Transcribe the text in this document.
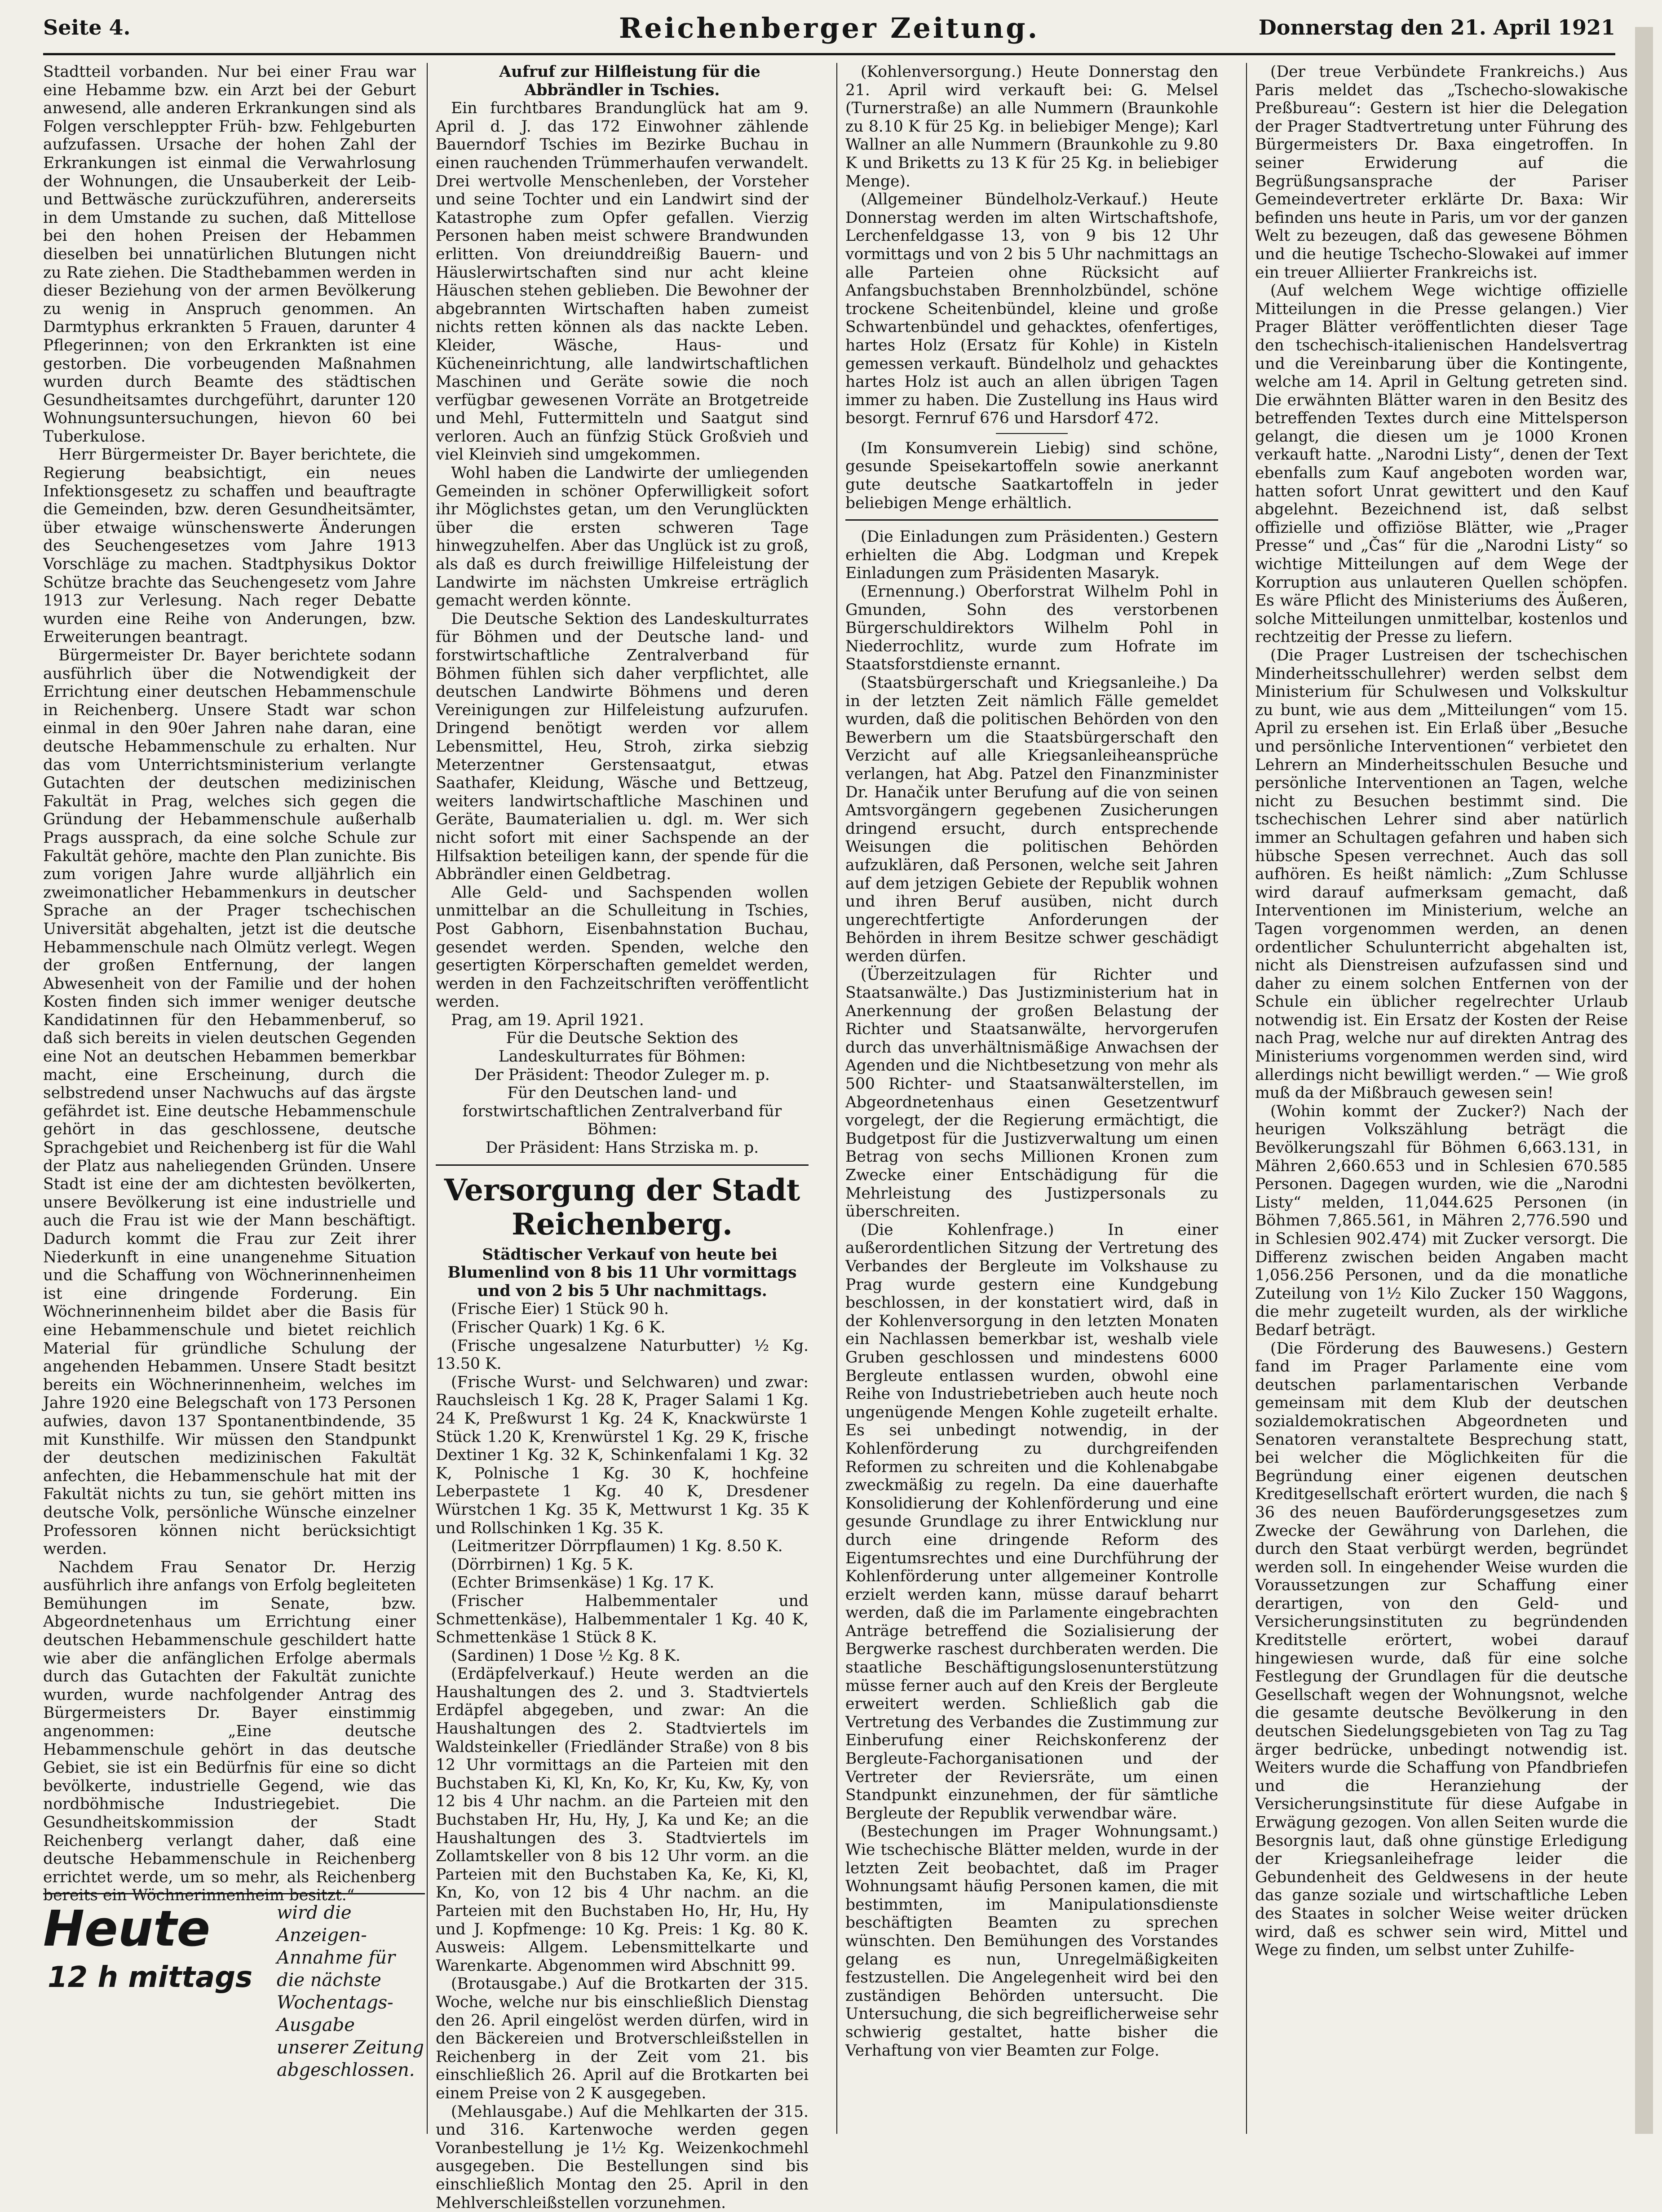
Seite 4.	Reichenberger Zeitung.	Donnerstag den 21. April 1921

Stadtteil vorbanden. Nur bei einer Frau war eine Hebamme bzw. ein Arzt bei der Geburt anwesend, alle anderen Erkrankungen sind als Folgen verschleppter Früh- bzw. Fehlgeburten aufzufassen. Ursache der hohen Zahl der Erkrankungen ist einmal die Verwahrlosung der Wohnungen, die Unsauberkeit der Leib- und Bettwäsche zurückzuführen, andererseits in dem Umstande zu suchen, daß Mittellose bei den hohen Preisen der Hebammen dieselben bei unnatürlichen Blutungen nicht zu Rate ziehen. Die Stadthebammen werden in dieser Beziehung von der armen Bevölkerung zu wenig in Anspruch genommen. An Darmtyphus erkrankten 5 Frauen, darunter 4 Pflegerinnen; von den Erkrankten ist eine gestorben. Die vorbeugenden Maßnahmen wurden durch Beamte des städtischen Gesundheitsamtes durchgeführt, darunter 120 Wohnungsuntersuchungen, hievon 60 bei Tuberkulose.

Herr Bürgermeister Dr. Bayer berichtete, die Regierung beabsichtigt, ein neues Infektionsgesetz zu schaffen und beauftragte die Gemeinden, bzw. deren Gesundheitsämter, über etwaige wünschenswerte Änderungen des Seuchengesetzes vom Jahre 1913 Vorschläge zu machen. Stadtphysikus Doktor Schütze brachte das Seuchengesetz vom Jahre 1913 zur Verlesung. Nach reger Debatte wurden eine Reihe von Anderungen, bzw. Erweiterungen beantragt.

Bürgermeister Dr. Bayer berichtete sodann ausführlich über die Notwendigkeit der Errichtung einer deutschen Hebammenschule in Reichenberg. Unsere Stadt war schon einmal in den 90er Jahren nahe daran, eine deutsche Hebammenschule zu erhalten. Nur das vom Unterrichtsministerium verlangte Gutachten der deutschen medizinischen Fakultät in Prag, welches sich gegen die Gründung der Hebammenschule außerhalb Prags aussprach, da eine solche Schule zur Fakultät gehöre, machte den Plan zunichte. Bis zum vorigen Jahre wurde alljährlich ein zweimonatlicher Hebammenkurs in deutscher Sprache an der Prager tschechischen Universität abgehalten, jetzt ist die deutsche Hebammenschule nach Olmütz verlegt. Wegen der großen Entfernung, der langen Abwesenheit von der Familie und der hohen Kosten finden sich immer weniger deutsche Kandidatinnen für den Hebammenberuf, so daß sich bereits in vielen deutschen Gegenden eine Not an deutschen Hebammen bemerkbar macht, eine Erscheinung, durch die selbstredend unser Nachwuchs auf das ärgste gefährdet ist. Eine deutsche Hebammenschule gehört in das geschlossene, deutsche Sprachgebiet und Reichenberg ist für die Wahl der Platz aus naheliegenden Gründen. Unsere Stadt ist eine der am dichtesten bevölkerten, unsere Bevölkerung ist eine industrielle und auch die Frau ist wie der Mann beschäftigt. Dadurch kommt die Frau zur Zeit ihrer Niederkunft in eine unangenehme Situation und die Schaffung von Wöchnerinnenheimen ist eine dringende Forderung. Ein Wöchnerinnenheim bildet aber die Basis für eine Hebammenschule und bietet reichlich Material für gründliche Schulung der angehenden Hebammen. Unsere Stadt besitzt bereits ein Wöchnerinnenheim, welches im Jahre 1920 eine Belegschaft von 173 Personen aufwies, davon 137 Spontanentbindende, 35 mit Kunsthilfe. Wir müssen den Standpunkt der deutschen medizinischen Fakultät anfechten, die Hebammenschule hat mit der Fakultät nichts zu tun, sie gehört mitten ins deutsche Volk, persönliche Wünsche einzelner Professoren können nicht berücksichtigt werden.

Nachdem Frau Senator Dr. Herzig ausführlich ihre anfangs von Erfolg begleiteten Bemühungen im Senate, bzw. Abgeordnetenhaus um Errichtung einer deutschen Hebammenschule geschildert hatte wie aber die anfänglichen Erfolge abermals durch das Gutachten der Fakultät zunichte wurden, wurde nachfolgender Antrag des Bürgermeisters Dr. Bayer einstimmig angenommen: „Eine deutsche Hebammenschule gehört in das deutsche Gebiet, sie ist ein Bedürfnis für eine so dicht bevölkerte, industrielle Gegend, wie das nordböhmische Industriegebiet. Die Gesundheitskommission der Stadt Reichenberg verlangt daher, daß eine deutsche Hebammenschule in Reichenberg errichtet werde, um so mehr, als Reichenberg bereits ein Wöchnerinnenheim besitzt.“

Heute
12 h mittags
wird die Anzeigen-Annahme für die nächste Wochentags-Ausgabe unserer Zeitung abgeschlossen.

Aufruf zur Hilfleistung für die Abbrändler in Tschies.

Ein furchtbares Brandunglück hat am 9. April d. J. das 172 Einwohner zählende Bauerndorf Tschies im Bezirke Buchau in einen rauchenden Trümmerhaufen verwandelt. Drei wertvolle Menschenleben, der Vorsteher und seine Tochter und ein Landwirt sind der Katastrophe zum Opfer gefallen. Vierzig Personen haben meist schwere Brandwunden erlitten. Von dreiunddreißig Bauern- und Häuslerwirtschaften sind nur acht kleine Häuschen stehen geblieben. Die Bewohner der abgebrannten Wirtschaften haben zumeist nichts retten können als das nackte Leben. Kleider, Wäsche, Haus- und Kücheneinrichtung, alle landwirtschaftlichen Maschinen und Geräte sowie die noch verfügbar gewesenen Vorräte an Brotgetreide und Mehl, Futtermitteln und Saatgut sind verloren. Auch an fünfzig Stück Großvieh und viel Kleinvieh sind umgekommen.

Wohl haben die Landwirte der umliegenden Gemeinden in schöner Opferwilligkeit sofort ihr Möglichstes getan, um den Verunglückten über die ersten schweren Tage hinwegzuhelfen. Aber das Unglück ist zu groß, als daß es durch freiwillige Hilfeleistung der Landwirte im nächsten Umkreise erträglich gemacht werden könnte.

Die Deutsche Sektion des Landeskulturrates für Böhmen und der Deutsche land- und forstwirtschaftliche Zentralverband für Böhmen fühlen sich daher verpflichtet, alle deutschen Landwirte Böhmens und deren Vereinigungen zur Hilfeleistung aufzurufen. Dringend benötigt werden vor allem Lebensmittel, Heu, Stroh, zirka siebzig Meterzentner Gerstensaatgut, etwas Saathafer, Kleidung, Wäsche und Bettzeug, weiters landwirtschaftliche Maschinen und Geräte, Baumaterialien u. dgl. m. Wer sich nicht sofort mit einer Sachspende an der Hilfsaktion beteiligen kann, der spende für die Abbrändler einen Geldbetrag.

Alle Geld- und Sachspenden wollen unmittelbar an die Schulleitung in Tschies, Post Gabhorn, Eisenbahnstation Buchau, gesendet werden. Spenden, welche den gesertigten Körperschaften gemeldet werden, werden in den Fachzeitschriften veröffentlicht werden.

Prag, am 19. April 1921.

Für die Deutsche Sektion des Landeskulturrates für Böhmen:

Der Präsident: Theodor Zuleger m. p.

Für den Deutschen land- und forstwirtschaftlichen Zentralverband für Böhmen:

Der Präsident: Hans Strziska m. p.

Versorgung der Stadt Reichenberg.

Städtischer Verkauf von heute bei Blumenlind von 8 bis 11 Uhr vormittags und von 2 bis 5 Uhr nachmittags.

(Frische Eier) 1 Stück 90 h.

(Frischer Quark) 1 Kg. 6 K.

(Frische ungesalzene Naturbutter) ½ Kg. 13.50 K.

(Frische Wurst- und Selchwaren) und zwar: Rauchsleisch 1 Kg. 28 K, Prager Salami 1 Kg. 24 K, Preßwurst 1 Kg. 24 K, Knackwürste 1 Stück 1.20 K, Krenwürstel 1 Kg. 29 K, frische Dextiner 1 Kg. 32 K, Schinkenfalami 1 Kg. 32 K, Polnische 1 Kg. 30 K, hochfeine Leberpastete 1 Kg. 40 K, Dresdener Würstchen 1 Kg. 35 K, Mettwurst 1 Kg. 35 K und Rollschinken 1 Kg. 35 K.

(Leitmeritzer Dörrpflaumen) 1 Kg. 8.50 K.

(Dörrbirnen) 1 Kg. 5 K.

(Echter Brimsenkäse) 1 Kg. 17 K.

(Frischer Halbemmentaler und Schmettenkäse), Halbemmentaler 1 Kg. 40 K, Schmettenkäse 1 Stück 8 K.

(Sardinen) 1 Dose ½ Kg. 8 K.

(Erdäpfelverkauf.) Heute werden an die Haushaltungen des 2. und 3. Stadtviertels Erdäpfel abgegeben, und zwar: An die Haushaltungen des 2. Stadtviertels im Waldsteinkeller (Friedländer Straße) von 8 bis 12 Uhr vormittags an die Parteien mit den Buchstaben Ki, Kl, Kn, Ko, Kr, Ku, Kw, Ky, von 12 bis 4 Uhr nachm. an die Parteien mit den Buchstaben Hr, Hu, Hy, J, Ka und Ke; an die Haushaltungen des 3. Stadtviertels im Zollamtskeller von 8 bis 12 Uhr vorm. an die Parteien mit den Buchstaben Ka, Ke, Ki, Kl, Kn, Ko, von 12 bis 4 Uhr nachm. an die Parteien mit den Buchstaben Ho, Hr, Hu, Hy und J. Kopfmenge: 10 Kg. Preis: 1 Kg. 80 K. Ausweis: Allgem. Lebensmittelkarte und Warenkarte. Abgenommen wird Abschnitt 99.

(Brotausgabe.) Auf die Brotkarten der 315. Woche, welche nur bis einschließlich Dienstag den 26. April eingelöst werden dürfen, wird in den Bäckereien und Brotverschleißstellen in Reichenberg in der Zeit vom 21. bis einschließlich 26. April auf die Brotkarten bei einem Preise von 2 K ausgegeben.

(Mehlausgabe.) Auf die Mehlkarten der 315. und 316. Kartenwoche werden gegen Voranbestellung je 1½ Kg. Weizenkochmehl ausgegeben. Die Bestellungen sind bis einschließlich Montag den 25. April in den Mehlverschleißstellen vorzunehmen.

(Kohlenversorgung.) Heute Donnerstag den 21. April wird verkauft bei: G. Melsel (Turnerstraße) an alle Nummern (Braunkohle zu 8.10 K für 25 Kg. in beliebiger Menge); Karl Wallner an alle Nummern (Braunkohle zu 9.80 K und Briketts zu 13 K für 25 Kg. in beliebiger Menge).

(Allgemeiner Bündelholz-Verkauf.) Heute Donnerstag werden im alten Wirtschaftshofe, Lerchenfeldgasse 13, von 9 bis 12 Uhr vormittags und von 2 bis 5 Uhr nachmittags an alle Parteien ohne Rücksicht auf Anfangsbuchstaben Brennholzbündel, schöne trockene Scheitenbündel, kleine und große Schwartenbündel und gehacktes, ofenfertiges, hartes Holz (Ersatz für Kohle) in Kisteln gemessen verkauft. Bündelholz und gehacktes hartes Holz ist auch an allen übrigen Tagen immer zu haben. Die Zustellung ins Haus wird besorgt. Fernruf 676 und Harsdorf 472.

(Im Konsumverein Liebig) sind schöne, gesunde Speisekartoffeln sowie anerkannt gute deutsche Saatkartoffeln in jeder beliebigen Menge erhältlich.

(Die Einladungen zum Präsidenten.) Gestern erhielten die Abg. Lodgman und Krepek Einladungen zum Präsidenten Masaryk.

(Ernennung.) Oberforstrat Wilhelm Pohl in Gmunden, Sohn des verstorbenen Bürgerschuldirektors Wilhelm Pohl in Niederrochlitz, wurde zum Hofrate im Staatsforstdienste ernannt.

(Staatsbürgerschaft und Kriegsanleihe.) Da in der letzten Zeit nämlich Fälle gemeldet wurden, daß die politischen Behörden von den Bewerbern um die Staatsbürgerschaft den Verzicht auf alle Kriegsanleiheansprüche verlangen, hat Abg. Patzel den Finanzminister Dr. Hanačik unter Berufung auf die von seinen Amtsvorgängern gegebenen Zusicherungen dringend ersucht, durch entsprechende Weisungen die politischen Behörden aufzuklären, daß Personen, welche seit Jahren auf dem jetzigen Gebiete der Republik wohnen und ihren Beruf ausüben, nicht durch ungerechtfertigte Anforderungen der Behörden in ihrem Besitze schwer geschädigt werden dürfen.

(Überzeitzulagen für Richter und Staatsanwälte.) Das Justizministerium hat in Anerkennung der großen Belastung der Richter und Staatsanwälte, hervorgerufen durch das unverhältnismäßige Anwachsen der Agenden und die Nichtbesetzung von mehr als 500 Richter- und Staatsanwälterstellen, im Abgeordnetenhaus einen Gesetzentwurf vorgelegt, der die Regierung ermächtigt, die Budgetpost für die Justizverwaltung um einen Betrag von sechs Millionen Kronen zum Zwecke einer Entschädigung für die Mehrleistung des Justizpersonals zu überschreiten.

(Die Kohlenfrage.) In einer außerordentlichen Sitzung der Vertretung des Verbandes der Bergleute im Volkshause zu Prag wurde gestern eine Kundgebung beschlossen, in der konstatiert wird, daß in der Kohlenversorgung in den letzten Monaten ein Nachlassen bemerkbar ist, weshalb viele Gruben geschlossen und mindestens 6000 Bergleute entlassen wurden, obwohl eine Reihe von Industriebetrieben auch heute noch ungenügende Mengen Kohle zugeteilt erhalte. Es sei unbedingt notwendig, in der Kohlenförderung zu durchgreifenden Reformen zu schreiten und die Kohlenabgabe zweckmäßig zu regeln. Da eine dauerhafte Konsolidierung der Kohlenförderung und eine gesunde Grundlage zu ihrer Entwicklung nur durch eine dringende Reform des Eigentumsrechtes und eine Durchführung der Kohlenförderung unter allgemeiner Kontrolle erzielt werden kann, müsse darauf beharrt werden, daß die im Parlamente eingebrachten Anträge betreffend die Sozialisierung der Bergwerke raschest durchberaten werden. Die staatliche Beschäftigungslosenunterstützung müsse ferner auch auf den Kreis der Bergleute erweitert werden. Schließlich gab die Vertretung des Verbandes die Zustimmung zur Einberufung einer Reichskonferenz der Bergleute-Fachorganisationen und der Vertreter der Reviersräte, um einen Standpunkt einzunehmen, der für sämtliche Bergleute der Republik verwendbar wäre.

(Bestechungen im Prager Wohnungsamt.) Wie tschechische Blätter melden, wurde in der letzten Zeit beobachtet, daß im Prager Wohnungsamt häufig Personen kamen, die mit bestimmten, im Manipulationsdienste beschäftigten Beamten zu sprechen wünschten. Den Bemühungen des Vorstandes gelang es nun, Unregelmäßigkeiten festzustellen. Die Angelegenheit wird bei den zuständigen Behörden untersucht. Die Untersuchung, die sich begreiflicherweise sehr schwierig gestaltet, hatte bisher die Verhaftung von vier Beamten zur Folge.

(Der treue Verbündete Frankreichs.) Aus Paris meldet das „Tschecho-slowakische Preßbureau“: Gestern ist hier die Delegation der Prager Stadtvertretung unter Führung des Bürgermeisters Dr. Baxa eingetroffen. In seiner Erwiderung auf die Begrüßungsansprache der Pariser Gemeindevertreter erklärte Dr. Baxa: Wir befinden uns heute in Paris, um vor der ganzen Welt zu bezeugen, daß das gewesene Böhmen und die heutige Tschecho-Slowakei auf immer ein treuer Alliierter Frankreichs ist.

(Auf welchem Wege wichtige offizielle Mitteilungen in die Presse gelangen.) Vier Prager Blätter veröffentlichten dieser Tage den tschechisch-italienischen Handelsvertrag und die Vereinbarung über die Kontingente, welche am 14. April in Geltung getreten sind. Die erwähnten Blätter waren in den Besitz des betreffenden Textes durch eine Mittelsperson gelangt, die diesen um je 1000 Kronen verkauft hatte. „Narodni Listy“, denen der Text ebenfalls zum Kauf angeboten worden war, hatten sofort Unrat gewittert und den Kauf abgelehnt. Bezeichnend ist, daß selbst offizielle und offiziöse Blätter, wie „Prager Presse“ und „Čas“ für die „Narodni Listy“ so wichtige Mitteilungen auf dem Wege der Korruption aus unlauteren Quellen schöpfen. Es wäre Pflicht des Ministeriums des Äußeren, solche Mitteilungen unmittelbar, kostenlos und rechtzeitig der Presse zu liefern.

(Die Prager Lustreisen der tschechischen Minderheitsschullehrer) werden selbst dem Ministerium für Schulwesen und Volkskultur zu bunt, wie aus dem „Mitteilungen“ vom 15. April zu ersehen ist. Ein Erlaß über „Besuche und persönliche Interventionen“ verbietet den Lehrern an Minderheitsschulen Besuche und persönliche Interventionen an Tagen, welche nicht zu Besuchen bestimmt sind. Die tschechischen Lehrer sind aber natürlich immer an Schultagen gefahren und haben sich hübsche Spesen verrechnet. Auch das soll aufhören. Es heißt nämlich: „Zum Schlusse wird darauf aufmerksam gemacht, daß Interventionen im Ministerium, welche an Tagen vorgenommen werden, an denen ordentlicher Schulunterricht abgehalten ist, nicht als Dienstreisen aufzufassen sind und daher zu einem solchen Entfernen von der Schule ein üblicher regelrechter Urlaub notwendig ist. Ein Ersatz der Kosten der Reise nach Prag, welche nur auf direkten Antrag des Ministeriums vorgenommen werden sind, wird allerdings nicht bewilligt werden.“ — Wie groß muß da der Mißbrauch gewesen sein!

(Wohin kommt der Zucker?) Nach der heurigen Volkszählung beträgt die Bevölkerungszahl für Böhmen 6,663.131, in Mähren 2,660.653 und in Schlesien 670.585 Personen. Dagegen wurden, wie die „Narodni Listy“ melden, 11,044.625 Personen (in Böhmen 7,865.561, in Mähren 2,776.590 und in Schlesien 902.474) mit Zucker versorgt. Die Differenz zwischen beiden Angaben macht 1,056.256 Personen, und da die monatliche Zuteilung von 1½ Kilo Zucker 150 Waggons, die mehr zugeteilt wurden, als der wirkliche Bedarf beträgt.

(Die Förderung des Bauwesens.) Gestern fand im Prager Parlamente eine vom deutschen parlamentarischen Verbande gemeinsam mit dem Klub der deutschen sozialdemokratischen Abgeordneten und Senatoren veranstaltete Besprechung statt, bei welcher die Möglichkeiten für die Begründung einer eigenen deutschen Kreditgesellschaft erörtert wurden, die nach § 36 des neuen Bauförderungsgesetzes zum Zwecke der Gewährung von Darlehen, die durch den Staat verbürgt werden, begründet werden soll. In eingehender Weise wurden die Voraussetzungen zur Schaffung einer derartigen, von den Geld- und Versicherungsinstituten zu begründenden Kreditstelle erörtert, wobei darauf hingewiesen wurde, daß für eine solche Festlegung der Grundlagen für die deutsche Gesellschaft wegen der Wohnungsnot, welche die gesamte deutsche Bevölkerung in den deutschen Siedelungsgebieten von Tag zu Tag ärger bedrücke, unbedingt notwendig ist. Weiters wurde die Schaffung von Pfandbriefen und die Heranziehung der Versicherungsinstitute für diese Aufgabe in Erwägung gezogen. Von allen Seiten wurde die Besorgnis laut, daß ohne günstige Erledigung der Kriegsanleihefrage leider die Gebundenheit des Geldwesens in der heute das ganze soziale und wirtschaftliche Leben des Staates in solcher Weise weiter drücken wird, daß es schwer sein wird, Mittel und Wege zu finden, um selbst unter Zuhilfe-
